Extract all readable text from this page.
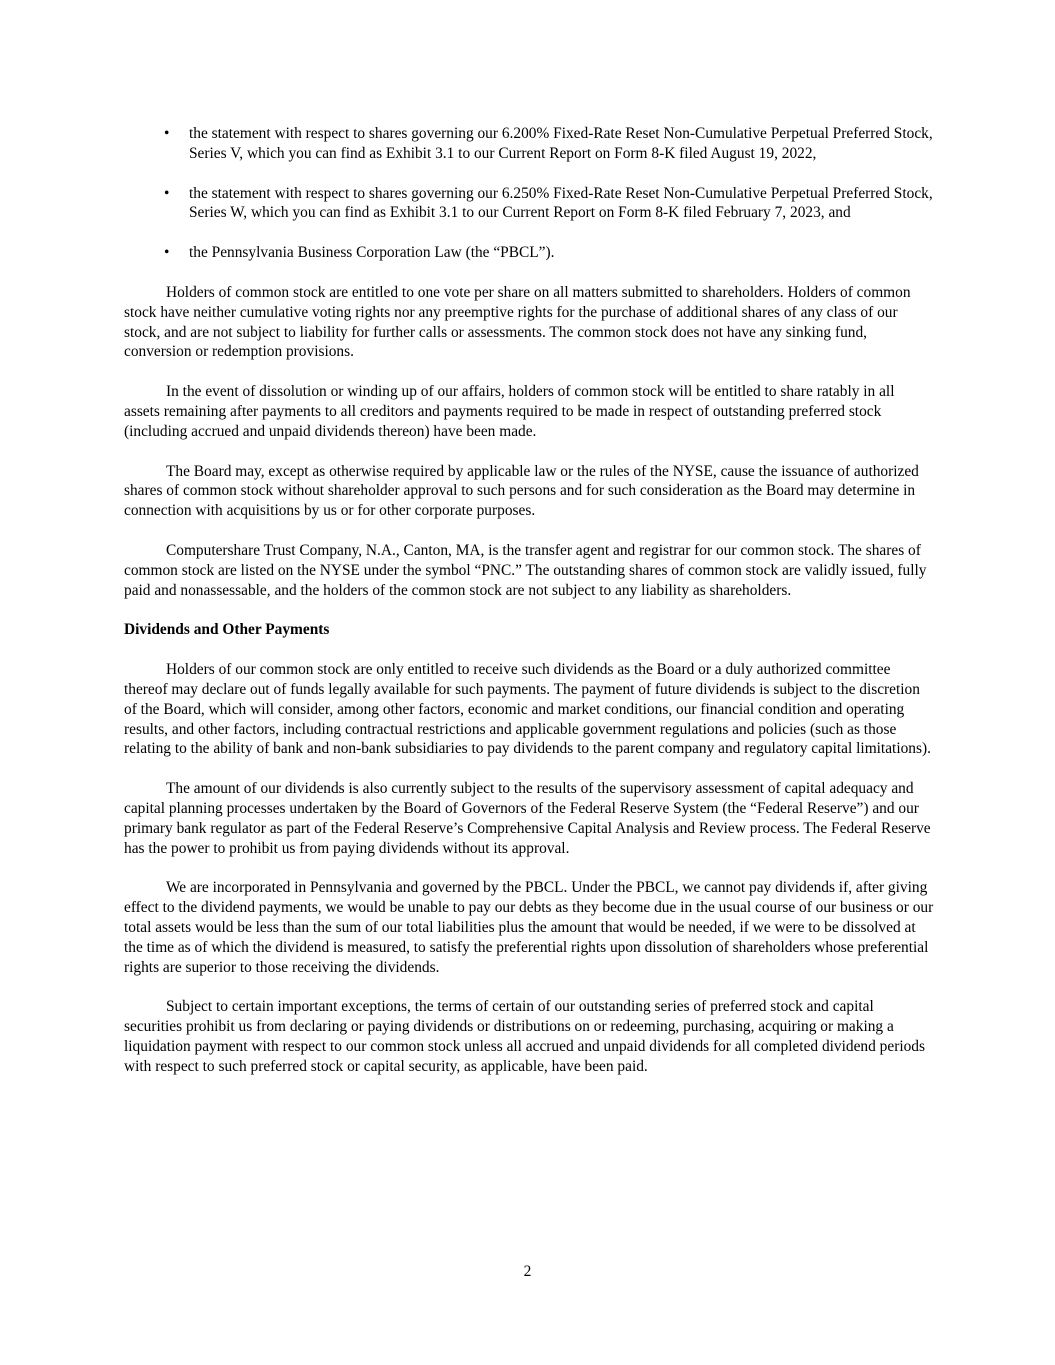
• the statement with respect to shares governing our 6.200% Fixed-Rate Reset Non-Cumulative Perpetual Preferred Stock, Series V, which you can find as Exhibit 3.1 to our Current Report on Form 8-K filed August 19, 2022,
• the statement with respect to shares governing our 6.250% Fixed-Rate Reset Non-Cumulative Perpetual Preferred Stock, Series W, which you can find as Exhibit 3.1 to our Current Report on Form 8-K filed February 7, 2023, and
• the Pennsylvania Business Corporation Law (the “PBCL”).

Holders of common stock are entitled to one vote per share on all matters submitted to shareholders. Holders of common stock have neither cumulative voting rights nor any preemptive rights for the purchase of additional shares of any class of our stock, and are not subject to liability for further calls or assessments. The common stock does not have any sinking fund, conversion or redemption provisions.

In the event of dissolution or winding up of our affairs, holders of common stock will be entitled to share ratably in all assets remaining after payments to all creditors and payments required to be made in respect of outstanding preferred stock (including accrued and unpaid dividends thereon) have been made.

The Board may, except as otherwise required by applicable law or the rules of the NYSE, cause the issuance of authorized shares of common stock without shareholder approval to such persons and for such consideration as the Board may determine in connection with acquisitions by us or for other corporate purposes.

Computershare Trust Company, N.A., Canton, MA, is the transfer agent and registrar for our common stock. The shares of common stock are listed on the NYSE under the symbol “PNC.” The outstanding shares of common stock are validly issued, fully paid and nonassessable, and the holders of the common stock are not subject to any liability as shareholders.

Dividends and Other Payments

Holders of our common stock are only entitled to receive such dividends as the Board or a duly authorized committee thereof may declare out of funds legally available for such payments. The payment of future dividends is subject to the discretion of the Board, which will consider, among other factors, economic and market conditions, our financial condition and operating results, and other factors, including contractual restrictions and applicable government regulations and policies (such as those relating to the ability of bank and non-bank subsidiaries to pay dividends to the parent company and regulatory capital limitations).

The amount of our dividends is also currently subject to the results of the supervisory assessment of capital adequacy and capital planning processes undertaken by the Board of Governors of the Federal Reserve System (the “Federal Reserve”) and our primary bank regulator as part of the Federal Reserve’s Comprehensive Capital Analysis and Review process. The Federal Reserve has the power to prohibit us from paying dividends without its approval.

We are incorporated in Pennsylvania and governed by the PBCL. Under the PBCL, we cannot pay dividends if, after giving effect to the dividend payments, we would be unable to pay our debts as they become due in the usual course of our business or our total assets would be less than the sum of our total liabilities plus the amount that would be needed, if we were to be dissolved at the time as of which the dividend is measured, to satisfy the preferential rights upon dissolution of shareholders whose preferential rights are superior to those receiving the dividends.

Subject to certain important exceptions, the terms of certain of our outstanding series of preferred stock and capital securities prohibit us from declaring or paying dividends or distributions on or redeeming, purchasing, acquiring or making a liquidation payment with respect to our common stock unless all accrued and unpaid dividends for all completed dividend periods with respect to such preferred stock or capital security, as applicable, have been paid.

2
